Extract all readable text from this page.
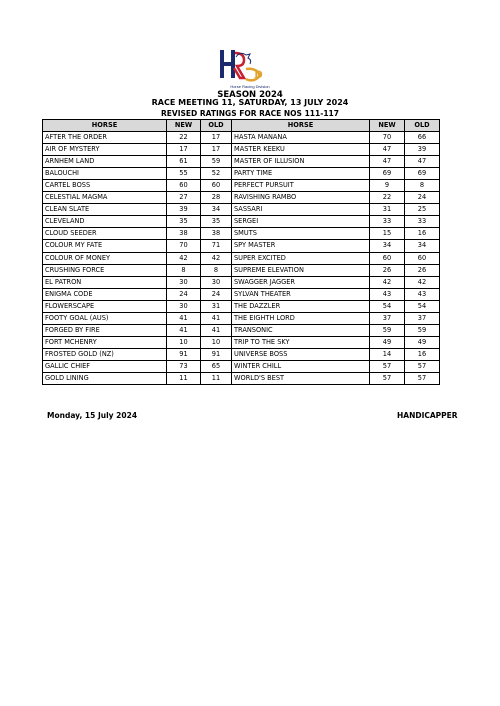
D
Horse Racing Division
SEASON 2024
RACE MEETING 11, SATURDAY, 13 JULY 2024
REVISED RATINGS FOR RACE NOS 111-117
HORSE	NEW	OLD	HORSE	NEW	OLD
AFTER THE ORDER	22	17	HASTA MANANA	70	66
AIR OF MYSTERY	17	17	MASTER KEEKU	47	39
ARNHEM LAND	61	59	MASTER OF ILLUSION	47	47
BALOUCHI	55	52	PARTY TIME	69	69
CARTEL BOSS	60	60	PERFECT PURSUIT	9	8
CELESTIAL MAGMA	27	28	RAVISHING RAMBO	22	24
CLEAN SLATE	39	34	SASSARI	31	25
CLEVELAND	35	35	SERGEI	33	33
CLOUD SEEDER	38	38	SMUTS	15	16
COLOUR MY FATE	70	71	SPY MASTER	34	34
COLOUR OF MONEY	42	42	SUPER EXCITED	60	60
CRUSHING FORCE	8	8	SUPREME ELEVATION	26	26
EL PATRON	30	30	SWAGGER JAGGER	42	42
ENIGMA CODE	24	24	SYLVAN THEATER	43	43
FLOWERSCAPE	30	31	THE DAZZLER	54	54
FOOTY GOAL (AUS)	41	41	THE EIGHTH LORD	37	37
FORGED BY FIRE	41	41	TRANSONIC	59	59
FORT MCHENRY	10	10	TRIP TO THE SKY	49	49
FROSTED GOLD (NZ)	91	91	UNIVERSE BOSS	14	16
GALLIC CHIEF	73	65	WINTER CHILL	57	57
GOLD LINING	11	11	WORLD'S BEST	57	57
Monday, 15 July 2024	HANDICAPPER
